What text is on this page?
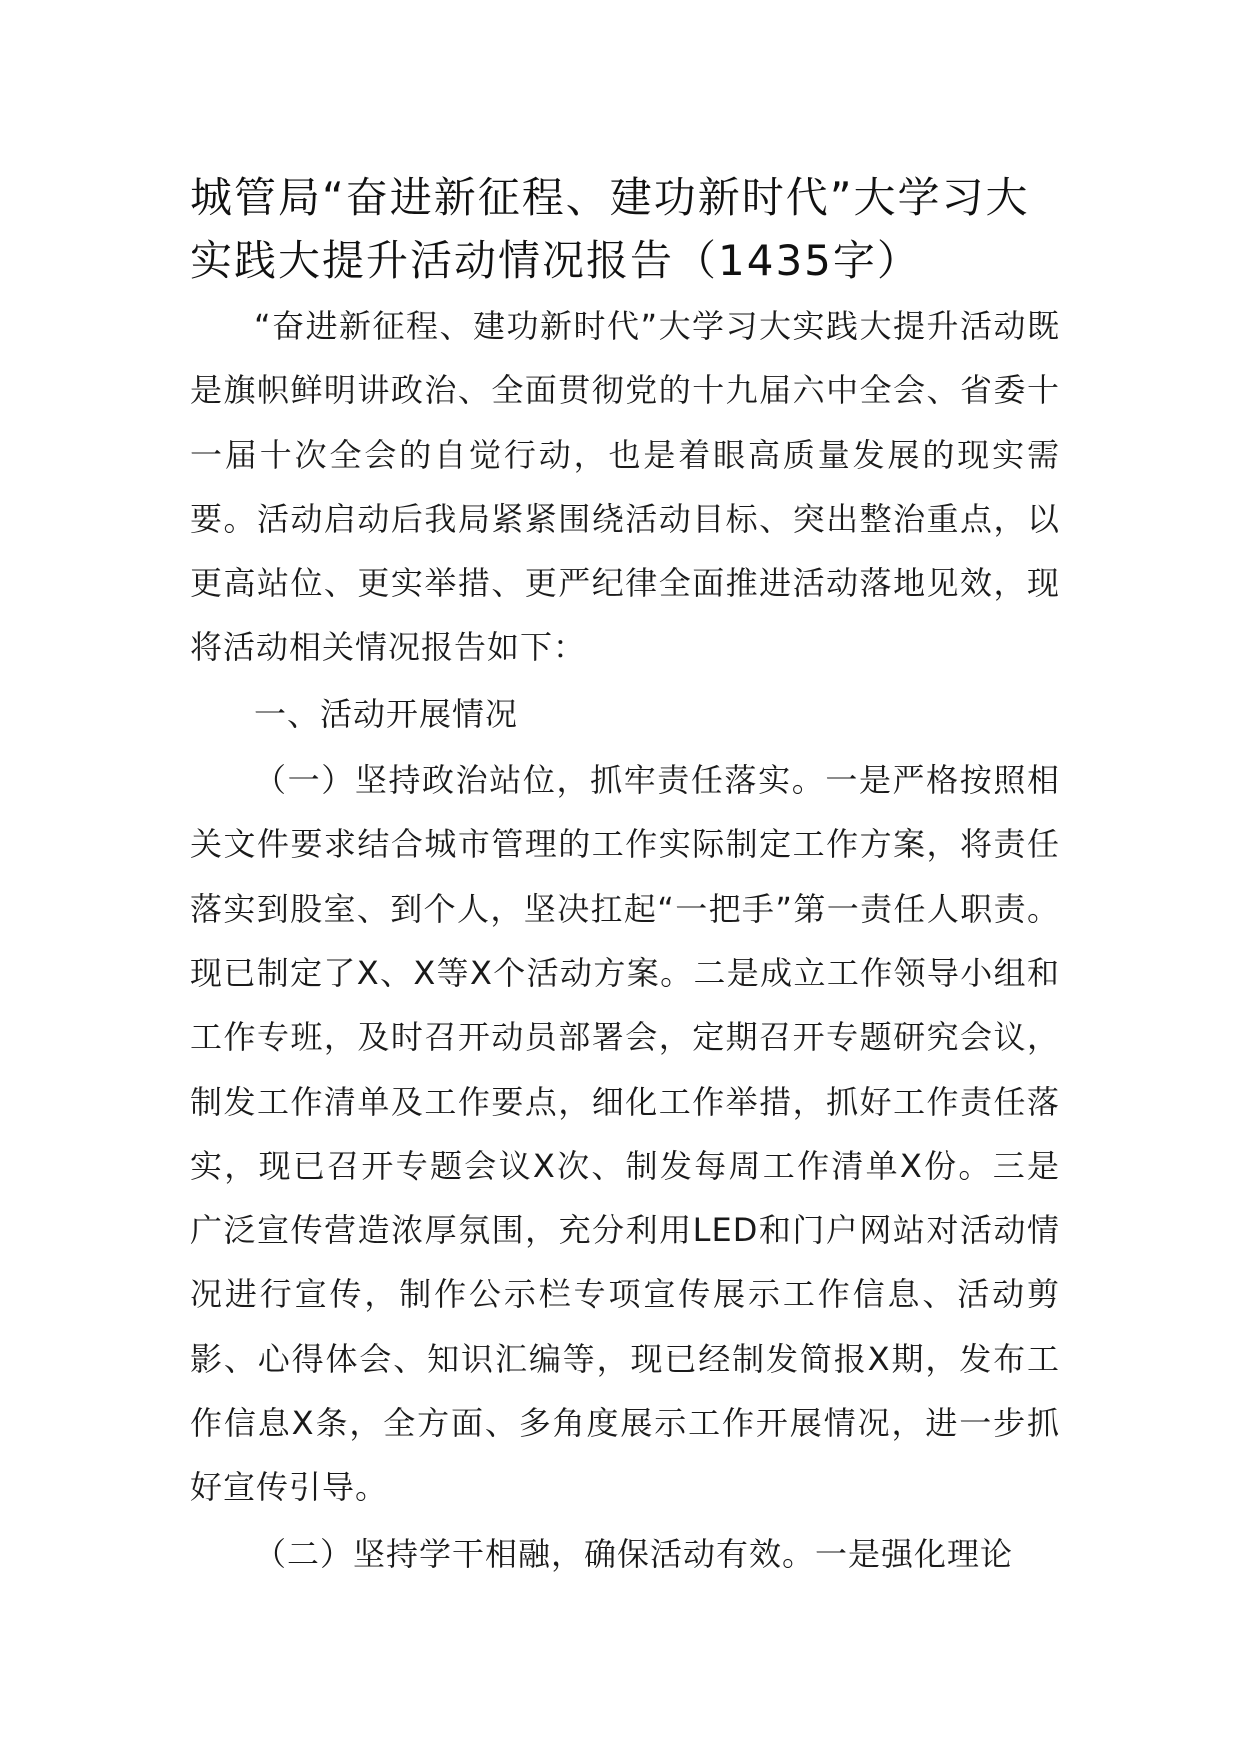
城管局“奋进新征程、建功新时代”大学习大实践大提升活动情况报告（1435字）

“奋进新征程、建功新时代”大学习大实践大提升活动既是旗帜鲜明讲政治、全面贯彻党的十九届六中全会、省委十一届十次全会的自觉行动，也是着眼高质量发展的现实需要。活动启动后我局紧紧围绕活动目标、突出整治重点，以更高站位、更实举措、更严纪律全面推进活动落地见效，现将活动相关情况报告如下：

一、活动开展情况

（一）坚持政治站位，抓牢责任落实。一是严格按照相关文件要求结合城市管理的工作实际制定工作方案，将责任落实到股室、到个人，坚决扛起“一把手”第一责任人职责。现已制定了X、X等X个活动方案。二是成立工作领导小组和工作专班，及时召开动员部署会，定期召开专题研究会议，制发工作清单及工作要点，细化工作举措，抓好工作责任落实，现已召开专题会议X次、制发每周工作清单X份。三是广泛宣传营造浓厚氛围，充分利用LED和门户网站对活动情况进行宣传，制作公示栏专项宣传展示工作信息、活动剪影、心得体会、知识汇编等，现已经制发简报X期，发布工作信息X条，全方面、多角度展示工作开展情况，进一步抓好宣传引导。

（二）坚持学干相融，确保活动有效。一是强化理论
